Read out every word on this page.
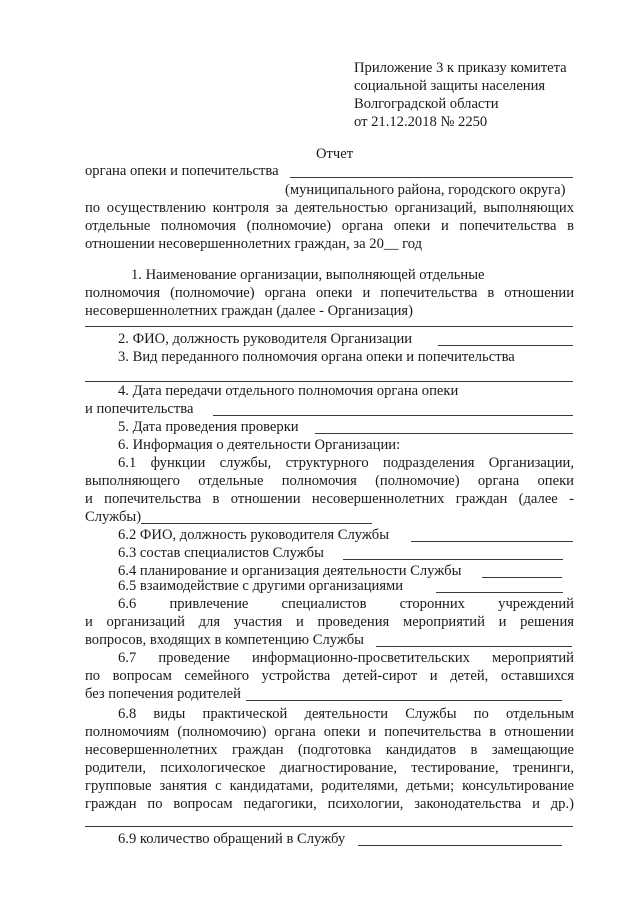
Приложение 3 к приказу комитета
социальной защиты населения
Волгоградской области
от 21.12.2018 № 2250
Отчет
органа опеки и попечительства
(муниципального района, городского округа)
по осуществлению контроля за деятельностью организаций, выполняющих
отдельные полномочия (полномочие) органа опеки и попечительства в
отношении несовершеннолетних граждан, за 20__ год
1. Наименование организации, выполняющей отдельные
полномочия (полномочие) органа опеки и попечительства в отношении
несовершеннолетних граждан (далее - Организация)
2. ФИО, должность руководителя Организации
3. Вид переданного полномочия органа опеки и попечительства
4. Дата передачи отдельного полномочия органа опеки
и попечительства
5. Дата проведения проверки
6. Информация о деятельности Организации:
6.1 функции службы, структурного подразделения Организации,
выполняющего отдельные полномочия (полномочие) органа опеки
и попечительства в отношении несовершеннолетних граждан (далее -
Службы)
6.2 ФИО, должность руководителя Службы
6.3 состав специалистов Службы
6.4 планирование и организация деятельности Службы
6.5 взаимодействие с другими организациями
6.6 привлечение специалистов сторонних учреждений
и организаций для участия и проведения мероприятий и решения
вопросов, входящих в компетенцию Службы
6.7 проведение информационно-просветительских мероприятий
по вопросам семейного устройства детей-сирот и детей, оставшихся
без попечения родителей
6.8 виды практической деятельности Службы по отдельным
полномочиям (полномочию) органа опеки и попечительства в отношении
несовершеннолетних граждан (подготовка кандидатов в замещающие
родители, психологическое диагностирование, тестирование, тренинги,
групповые занятия с кандидатами, родителями, детьми; консультирование
граждан по вопросам педагогики, психологии, законодательства и др.)
6.9 количество обращений в Службу
